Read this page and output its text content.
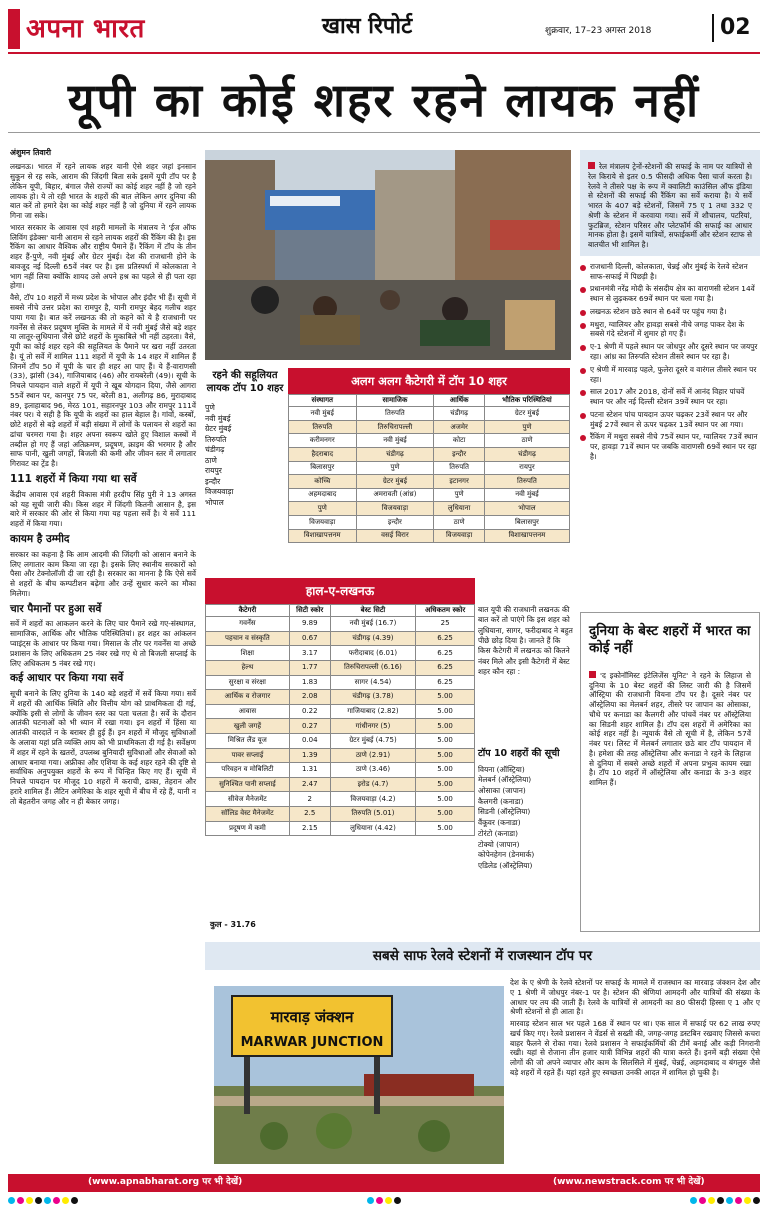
अपना भारत	खास रिपोर्ट	शुक्रवार, 17–23 अगस्त 2018	02
यूपी का कोई शहर रहने लायक नहीं
अंशुमन तिवारी

लखनऊ। भारत में रहने लायक शहर यानी ऐसे शहर जहां इनसान सुकून से रह सके, आराम की जिंदगी बिता सके इसमें यूपी टॉप पर है लेकिन यूपी, बिहार, बंगाल जैसे राज्यों का कोई शहर नहीं है जो रहने लायक हो। ये तो रही भारत के शहरों की बात लेकिन अगर दुनिया की बात करें तो हमारे देश का कोई शहर नहीं है जो दुनिया में रहने लायक गिना जा सके।

भारत सरकार के आवास एवं शहरी मामलों के मंत्रालय ने 'ईज ऑफ लिविंग इंडेक्स' यानी आराम से रहने लायक शहरों की रैंकिंग की है। इस रैंकिंग का आधार वैश्विक और राष्ट्रीय पैमाने हैं। रैंकिंग में टॉप के तीन शहर हैं-पुणे, नवी मुंबई और ग्रेटर मुंबई। देश की राजधानी होने के बावजूद नई दिल्ली 65वें नंबर पर है। इस प्रतिस्पर्धा में कोलकाता ने भाग नहीं लिया क्योंकि शायद उसे अपने हश्र का पहले से ही पता रहा होगा।

वैसे, टॉप 10 शहरों में मध्य प्रदेश के भोपाल और इंदौर भी हैं। सूची में सबसे नीचे उत्तर प्रदेश का रामपुर है, यानी रामपुर बेहद गलीच शहर पाया गया है। बात करें लखनऊ की तो कहने को ये है राजधानी पर गवर्नेंस से लेकर प्रदूषण मुक्ति के मामले में ये नवी मुंबई जैसे बड़े शहर या लातूर-लुधियाना जैसे छोटे शहरों के मुकाबिले भी नहीं ठहरता। वैसे, यूपी का कोई शहर रहने की सहूलियत के पैमाने पर खरा नहीं उतरता है। यूं तो सर्वे में शामिल 111 शहरों में यूपी के 14 शहर में शामिल हैं जिनमें टॉप 50 में यूपी के चार ही शहर आ पाए हैं। ये हैं-वाराणसी (33), झांसी (34), गाजियाबाद (46) और रायबरेली (49)। सूची के निचले पायदान वाले शहरों में यूपी ने खूब योगदान दिया, जैसे आगरा 55वें स्थान पर, कानपुर 75 पर, बरेली 81, अलीगढ़ 86, मुरादाबाद 89, इलाहाबाद 96, मेरठ 101, सहारनपुर 103 और रामपुर 111वें नंबर पर। ये सही है कि यूपी के शहरों का हाल बेहाल है। गांवों, कस्बों, छोटे शहरों से बड़े शहरों में बड़ी संख्या में लोगों के पलायन से शहरों का ढांचा चरमरा गया है। शहर अपना स्वरूप खोते हुए विशाल कस्बों में तब्दील हो गए हैं जहां अतिक्रमण, प्रदूषण, क्राइम की भरमार है और साफ पानी, खुली जगहों, बिजली की कमी और जीवन स्तर में लगातार गिरावट का ट्रेंड है।

111 शहरों में किया गया था सर्वे

केंद्रीय आवास एवं शहरी विकास मंत्री हरदीप सिंह पुरी ने 13 अगस्त को यह सूची जारी की। किस शहर में जिंदगी कितनी आसान है, इस बारे में सरकार की ओर से किया गया यह पहला सर्वे है। ये सर्वे 111 शहरों में किया गया।

कायम है उम्मीद

सरकार का कहना है कि आम आदमी की जिंदगी को आसान बनाने के लिए लगातार काम किया जा रहा है। इसके लिए स्थानीय सरकारों को पैसा और टेक्नोलॉजी दी जा रही है। सरकार का मानना है कि ऐसे सर्वे से शहरों के बीच कम्पटीशन बढ़ेगा और उन्हें सुधार करने का मौका मिलेगा।

चार पैमानों पर हुआ सर्वे

सर्वे में शहरों का आकलन करने के लिए चार पैमाने रखे गए-संस्थागत, सामाजिक, आर्थिक और भौतिक परिस्थितियां। हर शहर का आंकलन प्वाइंट्स के आधार पर किया गया। मिसाल के तौर पर गवर्नेंस या अच्छे प्रशासन के लिए अधिकतम 25 नंबर रखे गए थे तो बिजली सप्लाई के लिए अधिकतम 5 नंबर रखे गए।

कई आधार पर किया गया सर्वे

सूची बनाने के लिए दुनिया के 140 बड़े शहरों में सर्वे किया गया। सर्वे में शहरों की आर्थिक स्थिति और वित्तीय योग को प्राथमिकता दी गई, क्योंकि इसी से लोगों के जीवन स्तर का पता चलता है। सर्वे के दौरान आतंकी घटनाओं को भी ध्यान में रखा गया। इन शहरों में हिंसा या आतंकी वारदातें न के बराबर ही हुई हैं। इन शहरों में मौजूद सुविधाओं के अलावा यहां प्रति व्यक्ति आय को भी प्राथमिकता दी गई है। सर्वेक्षण में शहर में रहने के खतरों, उपलब्ध बुनियादी सुविधाओं और सेवाओं को आधार बनाया गया। अफ्रीका और एशिया के कई शहर रहने की दृष्टि से सर्वाधिक अनुपयुक्त शहरों के रूप में चिन्हित किए गए हैं। सूची में निचले पायदान पर मौजूद 10 शहरों में कराची, ढाका, तेहरान और हरारे शामिल हैं। लैटिन अमेरिका के शहर सूची में बीच में रहे हैं, यानी न तो बेहतरीन जगह और न ही बेकार जगह।

रेल मंत्रालय ट्रेनों-स्टेशनों की सफाई के नाम पर यात्रियों से रेल किराये से इतर 0.5 फीसदी अधिक पैसा चार्ज करता है। रेलवे ने तीसरे पक्ष के रूप में क्वालिटी काउंसिल ऑफ इंडिया से स्टेशनों की सफाई की रैंकिंग का सर्वे कराया है। ये सर्वे भारत के 407 बड़े स्टेशनों, जिसमें 75 ए 1 तथा 332 ए श्रेणी के स्टेशन में करवाया गया। सर्वे में शौचालय, पटरियां, फुटब्रिज, स्टेशन परिसर और प्लेटफॉर्म की सफाई का आधार मानक होता है। इसमें यात्रियों, सफाईकर्मी और स्टेशन स्टाफ से बातचीत भी शामिल है।
राजधानी दिल्ली, कोलकाता, चेन्नई और मुंबई के रेलवे स्टेशन साफ-सफाई में पिछड़ी है।
प्रधानमंत्री नरेंद्र मोदी के संसदीय क्षेत्र का वाराणसी स्टेशन 14वें स्थान से लुढ़ककर 69वें स्थान पर चला गया है।
लखनऊ स्टेशन छठे स्थान से 64वें पर पहुंच गया है।
मथुरा, ग्वालियर और हावड़ा सबसे नीचे जगह पाकर देश के सबसे गंदे स्टेशनों में शुमार हो गए हैं।
ए-1 श्रेणी में पहले स्थान पर जोधपुर और दूसरे स्थान पर जयपुर रहा। आंध्र का तिरुपति स्टेशन तीसरे स्थान पर रहा है।
ए श्रेणी में मारवाड़ पहले, फुलेरा दूसरे व वारंगल तीसरे स्थान पर रहा।
साल 2017 और 2018, दोनों सर्वे में आनंद विहार पांचवें स्थान पर और नई दिल्ली स्टेशन 39वें स्थान पर रहा।
पटना स्टेशन पांच पायदान ऊपर चढ़कर 23वें स्थान पर और मुंबई 27वें स्थान से ऊपर चढ़कर 13वें स्थान पर आ गया।
रैंकिंग में मथुरा सबसे नीचे 75वें स्थान पर, ग्वालियर 73वें स्थान पर, हावड़ा 71वें स्थान पर जबकि वाराणसी 69वें स्थान पर रहा है।
रहने की सहूलियत लायक टॉप 10 शहर
पुणे
नवी मुंबई
ग्रेटर मुंबई
तिरुपति
चंडीगढ़
ठाणे
रायपुर
इन्दौर
विजयवाड़ा
भोपाल
अलग अलग कैटेगरी में टॉप 10 शहर
संस्थागत	सामाजिक	आर्थिक	भौतिक परिस्थितियां
नवी मुंबई	तिरुपति	चंडीगढ़	ग्रेटर मुंबई
तिरुपति	तिरुचिरापल्ली	अजमेर	पुणे
करीमनगर	नवी मुंबई	कोटा	ठाणे
हैदराबाद	चंडीगढ़	इन्दौर	चंडीगढ़
बिलासपुर	पुणे	तिरुपति	रायपुर
कोच्चि	ग्रेटर मुंबई	इटानगर	तिरुपति
अहमदाबाद	अमरावती (आंध्र)	पुणे	नवी मुंबई
पुणे	विजयवाड़ा	लुधियाना	भोपाल
विजयवाड़ा	इन्दौर	ठाणे	बिलासपुर
विशाखापत्तनम	वसई विरार	विजयवाड़ा	विशाखापत्तनम
हाल-ए-लखनऊ
कैटेगरी	सिटी स्कोर	बेस्ट सिटी	अधिकतम स्कोर
गवर्नेंस	9.89	नवी मुंबई (16.7)	25
पहचान व संस्कृति	0.67	चंडीगढ़ (4.39)	6.25
शिक्षा	3.17	फरीदाबाद (6.01)	6.25
हेल्थ	1.77	तिरुचिरापल्ली (6.16)	6.25
सुरक्षा व संरक्षा	1.83	सागर (4.54)	6.25
आर्थिक व रोजगार	2.08	चंडीगढ़ (3.78)	5.00
आवास	0.22	गाजियाबाद (2.82)	5.00
खुली जगहें	0.27	गांधीनगर (5)	5.00
मिश्रित लैंड यूज	0.04	ग्रेटर मुंबई (4.75)	5.00
पावर सप्लाई	1.39	ठाणे (2.91)	5.00
परिवहन व मोबिलिटी	1.31	ठाणे (3.46)	5.00
सुनिश्चित पानी सप्लाई	2.47	इरोड (4.7)	5.00
सीवेज मैनेजमेंट	2	विजयवाड़ा (4.2)	5.00
सॉलिड वेस्ट मैनेजमेंट	2.5	तिरुपति (5.01)	5.00
प्रदूषण में कमी	2.15	लुधियाना (4.42)	5.00
कुल - 31.76
बात यूपी की राजधानी लखनऊ की बात करें तो पाएंगे कि इस शहर को लुधियाना, सागर, फरीदाबाद ने बहुत पीछे छोड़ दिया है। जानते हैं कि किस कैटेगरी में लखनऊ को कितने नंबर मिले और इसी कैटेगरी में बेस्ट शहर कौन रहा :
टॉप 10 शहरों की सूची
वियना (ऑस्ट्रिया)
मेलबर्न (ऑस्ट्रेलिया)
ओसाका (जापान)
कैलगरी (कनाडा)
सिडनी (ऑस्ट्रेलिया)
वैंकूवर (कनाडा)
टोरंटो (कनाडा)
टोक्यो (जापान)
कोपेनहेगन (डेनमार्क)
एडिलेड (ऑस्ट्रेलिया)
दुनिया के बेस्ट शहरों में भारत का कोई नहीं

'द इकोनॉमिस्ट इंटेलिजेंस यूनिट' ने रहने के लिहाज से दुनिया के 10 बेस्ट शहरों की लिस्ट जारी की है जिसमें ऑस्ट्रिया की राजधानी वियना टॉप पर है। दूसरे नंबर पर ऑस्ट्रेलिया का मेलबर्न शहर, तीसरे पर जापान का ओसाका, चौथे पर कनाडा का कैलगरी और पांचवें नंबर पर ऑस्ट्रेलिया का सिडनी शहर शामिल है। टॉप दस शहरों में अमेरिका का कोई शहर नहीं है। न्यूयार्क वैसे तो सूची में है, लेकिन 57वें नंबर पर। लिस्ट में मेलबर्न लगातार छठे बार टॉप पायदान में है। हमेशा की तरह ऑस्ट्रेलिया और कनाडा ने रहने के लिहाज से दुनिया में सबसे अच्छे शहरों में अपना प्रभुत्व कायम रखा है। टॉप 10 शहरों में ऑस्ट्रेलिया और कनाडा के 3-3 शहर शामिल हैं।

सबसे साफ रेलवे स्टेशनों में राजस्थान टॉप पर
मारवाड़ जंक्शन
MARWAR JUNCTION

देश के ए श्रेणी के रेलवे स्टेशनों पर सफाई के मामले में राजस्थान का मारवाड़ जंक्शन देश और ए 1 श्रेणी में जोधपुर नंबर-1 पर है। स्टेशन की श्रेणियां आमदनी और यात्रियों की संख्या के आधार पर तय की जाती हैं। रेलवे के यात्रियों से आमदनी का 80 फीसदी हिस्सा ए 1 और ए श्रेणी स्टेशनों से ही आता है।

मारवाड़ स्टेशन साल भर पहले 168 वें स्थान पर था। एक साल में सफाई पर 62 लाख रुपए खर्च किए गए। रेलवे प्रशासन ने वेंडर्स से सख्ती की, जगह-जगह डस्टबिन रखवाए जिससे कचरा बाहर फैलने से रोका गया। रेलवे प्रशासन ने सफाईकर्मियों की टीमें बनाई और कड़ी निगरानी रखी। यहां से रोजाना तीन हजार यात्री विभिन्न शहरों की यात्रा करते हैं। इनमें बड़ी संख्या ऐसे लोगों की जो अपने व्यापार और काम के सिलसिले में मुंबई, चेन्नई, अहमदाबाद व बंगलुरु जैसे बड़े शहरों में रहते हैं। यहां रहते हुए स्वच्छता उनकी आदत में शामिल हो चुकी है।

(www.apnabharat.org पर भी देखें)	(www.newstrack.com पर भी देखें)
